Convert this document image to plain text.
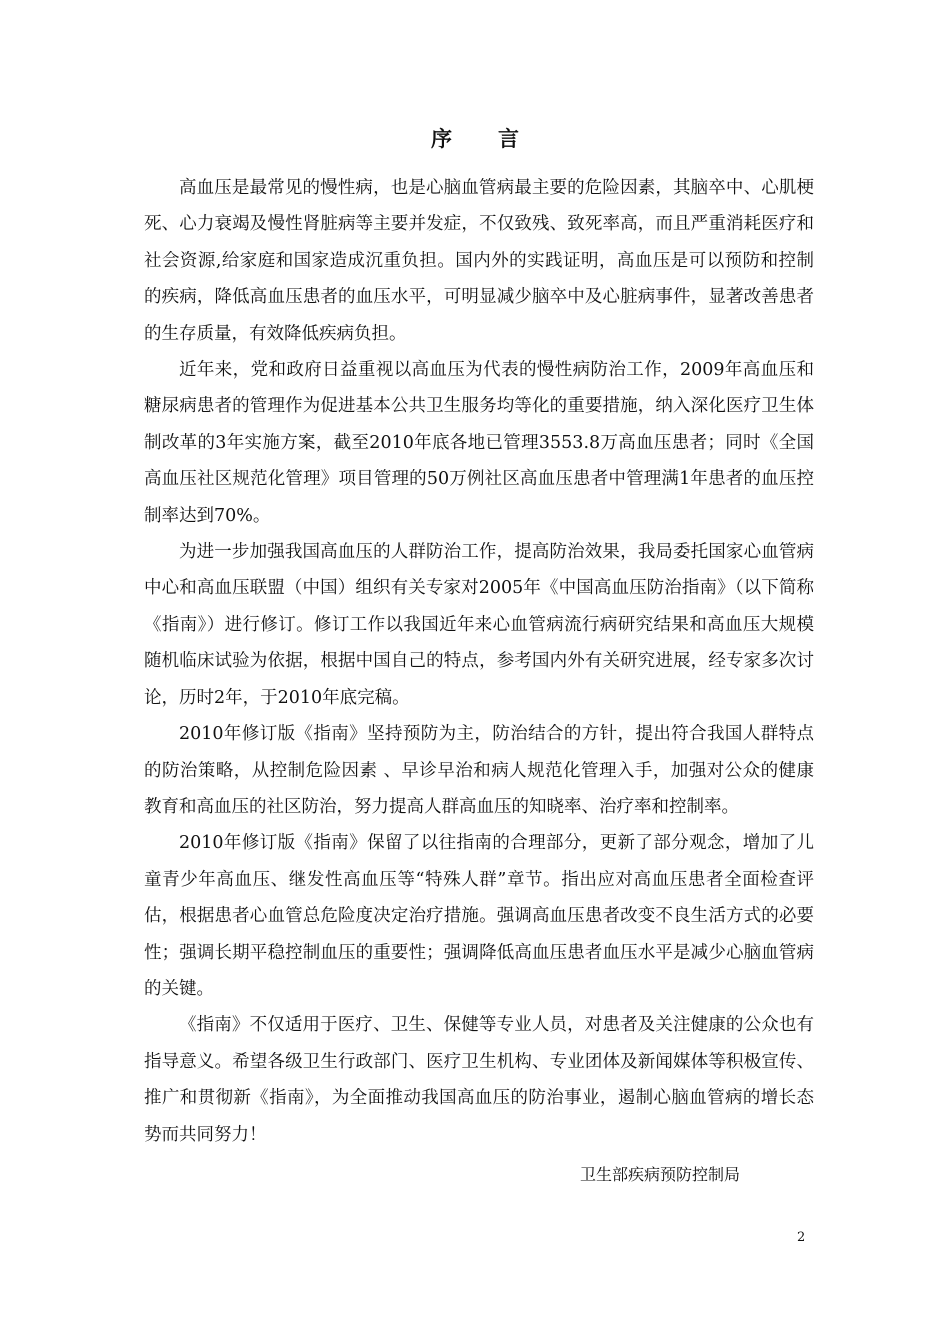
序言

高血压是最常见的慢性病，也是心脑血管病最主要的危险因素，其脑卒中、心肌梗死、心力衰竭及慢性肾脏病等主要并发症，不仅致残、致死率高，而且严重消耗医疗和社会资源,给家庭和国家造成沉重负担。国内外的实践证明，高血压是可以预防和控制的疾病，降低高血压患者的血压水平，可明显减少脑卒中及心脏病事件，显著改善患者的生存质量，有效降低疾病负担。

近年来，党和政府日益重视以高血压为代表的慢性病防治工作，2009年高血压和糖尿病患者的管理作为促进基本公共卫生服务均等化的重要措施，纳入深化医疗卫生体制改革的3年实施方案，截至2010年底各地已管理3553.8万高血压患者；同时《全国高血压社区规范化管理》项目管理的50万例社区高血压患者中管理满1年患者的血压控制率达到70%。

为进一步加强我国高血压的人群防治工作，提高防治效果，我局委托国家心血管病中心和高血压联盟（中国）组织有关专家对2005年《中国高血压防治指南》（以下简称《指南》）进行修订。修订工作以我国近年来心血管病流行病研究结果和高血压大规模随机临床试验为依据，根据中国自己的特点，参考国内外有关研究进展，经专家多次讨论，历时2年，于2010年底完稿。

2010年修订版《指南》坚持预防为主，防治结合的方针，提出符合我国人群特点的防治策略，从控制危险因素 、早诊早治和病人规范化管理入手，加强对公众的健康教育和高血压的社区防治，努力提高人群高血压的知晓率、治疗率和控制率。

2010年修订版《指南》保留了以往指南的合理部分，更新了部分观念，增加了儿童青少年高血压、继发性高血压等“特殊人群”章节。指出应对高血压患者全面检查评估，根据患者心血管总危险度决定治疗措施。强调高血压患者改变不良生活方式的必要性；强调长期平稳控制血压的重要性；强调降低高血压患者血压水平是减少心脑血管病的关键。

《指南》不仅适用于医疗、卫生、保健等专业人员，对患者及关注健康的公众也有指导意义。希望各级卫生行政部门、医疗卫生机构、专业团体及新闻媒体等积极宣传、推广和贯彻新《指南》，为全面推动我国高血压的防治事业，遏制心脑血管病的增长态势而共同努力！

卫生部疾病预防控制局
2
